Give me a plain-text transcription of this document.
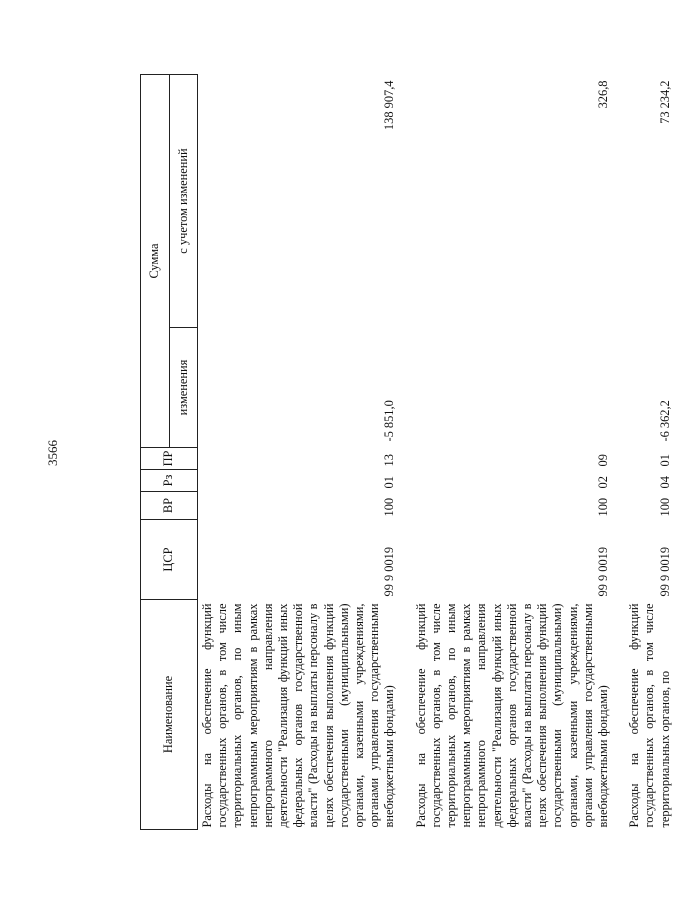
3566
Наименование	ЦСР	ВР	Рз	ПР	Сумма	
					изменения	с учетом изменений
Расходы на обеспечение функций государственных органов, в том числе территориальных органов, по иным непрограммным мероприятиям в рамках непрограммного направления деятельности "Реализация функций иных федеральных органов государственной власти" (Расходы на выплаты персоналу в целях обеспечения выполнения функций государственными (муниципальными) органами, казенными учреждениями, органами управления государственными внебюджетными фондами)	99 9 0019	100	01	13	-5 851,0	138 907,4

Расходы на обеспечение функций государственных органов, в том числе территориальных органов, по иным непрограммным мероприятиям в рамках непрограммного направления деятельности "Реализация функций иных федеральных органов государственной власти" (Расходы на выплаты персоналу в целях обеспечения выполнения функций государственными (муниципальными) органами, казенными учреждениями, органами управления государственными внебюджетными фондами)	99 9 0019	100	02	09		326,8

Расходы на обеспечение функций государственных органов, в том числе территориальных органов, по	99 9 0019	100	04	01	-6 362,2	73 234,2
